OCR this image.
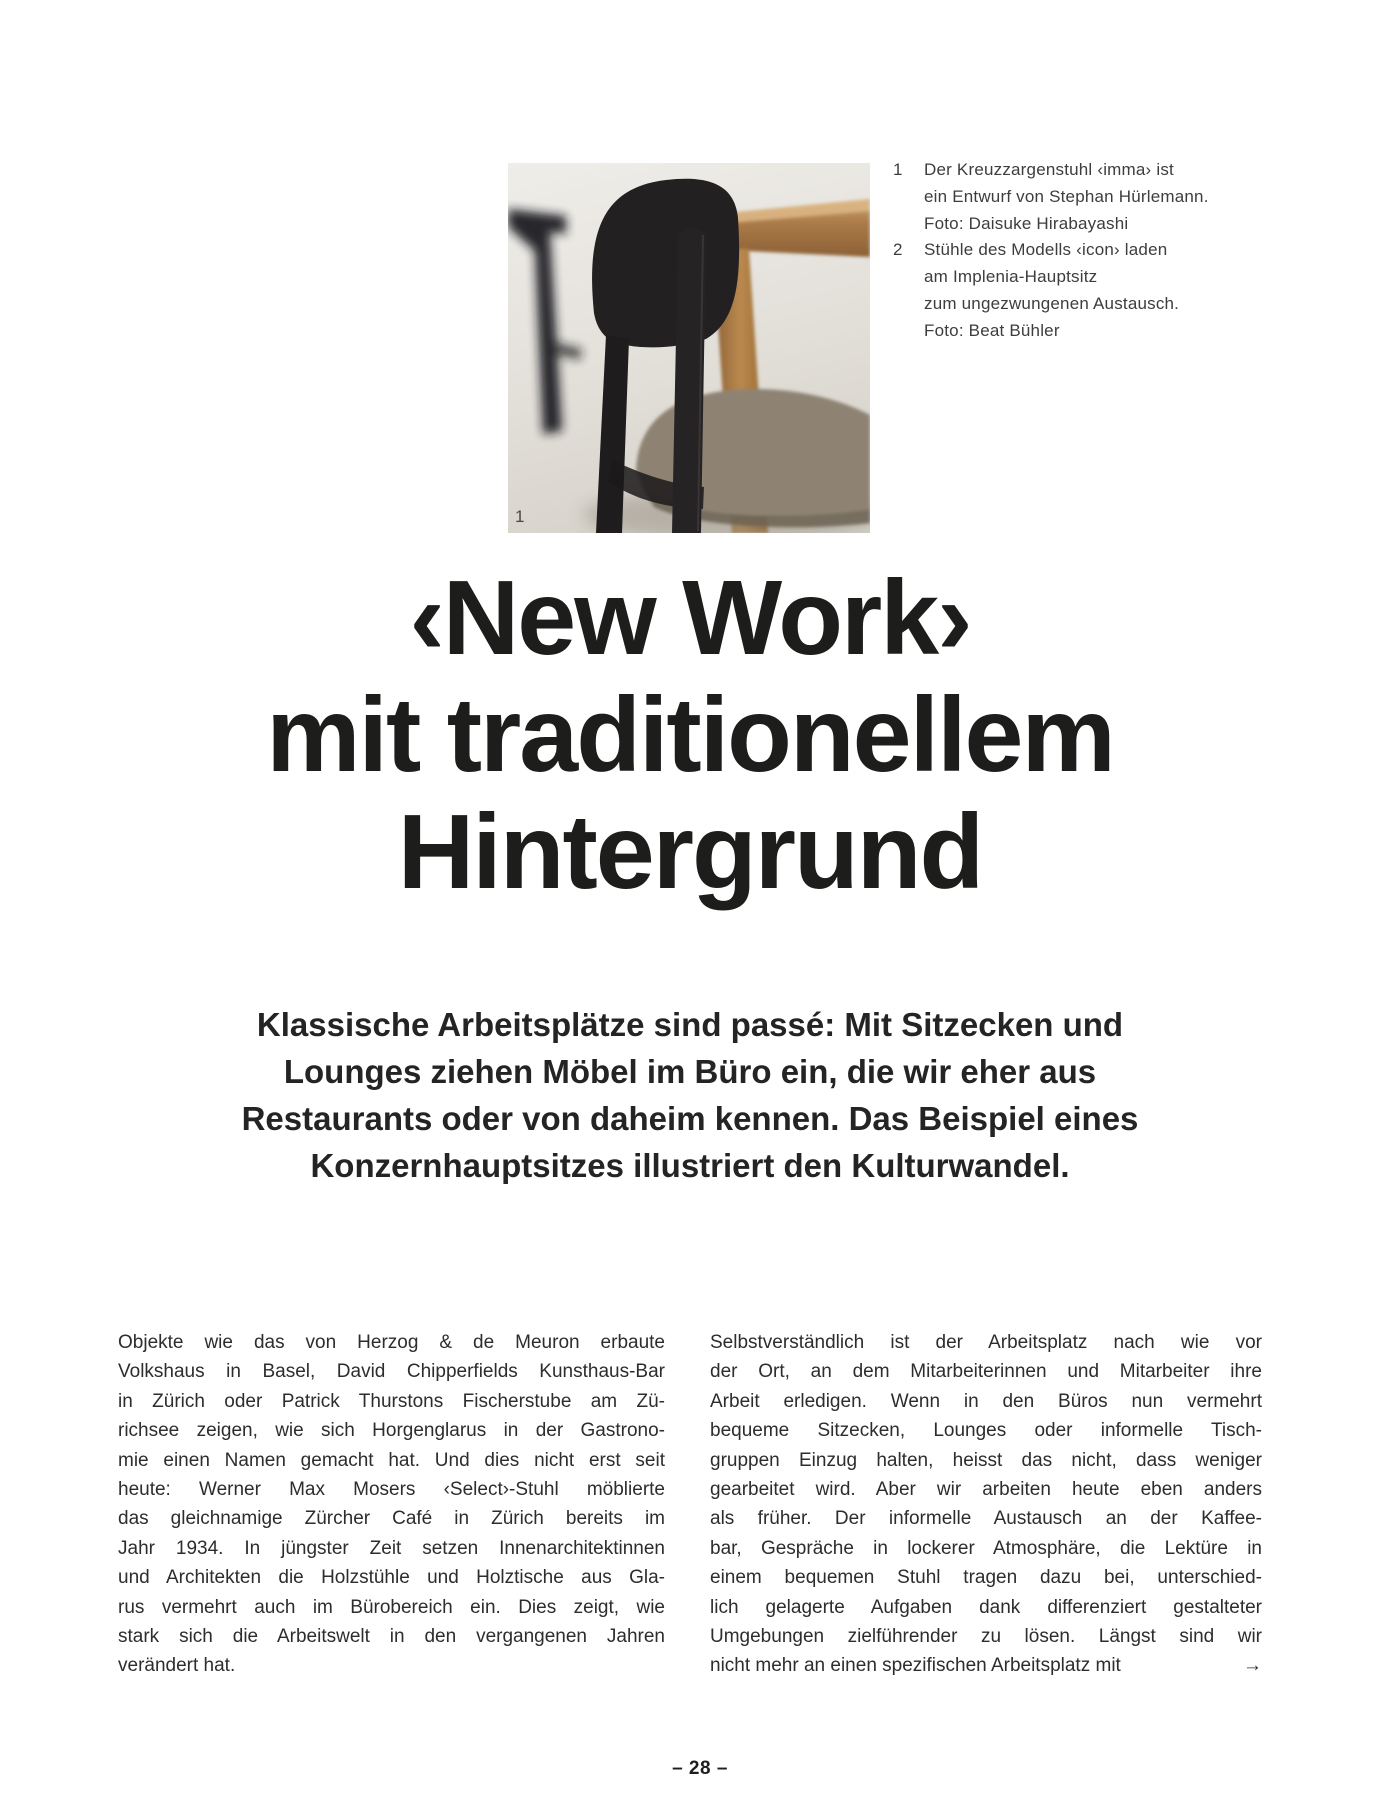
1
1	Der Kreuzzargenstuhl ‹imma› ist
ein Entwurf von Stephan Hürlemann.
Foto: Daisuke Hirabayashi
2	Stühle des Modells ‹icon› laden
am Implenia-Hauptsitz
zum ungezwungenen Austausch.
Foto: Beat Bühler
‹New Work›
mit traditionellem
Hintergrund
Klassische Arbeitsplätze sind passé: Mit Sitzecken und
Lounges ziehen Möbel im Büro ein, die wir eher aus
Restaurants oder von daheim kennen. Das Beispiel eines
Konzernhauptsitzes illustriert den Kulturwandel.
Objekte wie das von Herzog & de Meuron erbaute
Volkshaus in Basel, David Chipperfields Kunsthaus-Bar
in Zürich oder Patrick Thurstons Fischerstube am Zü-
richsee zeigen, wie sich Horgenglarus in der Gastrono-
mie einen Namen gemacht hat. Und dies nicht erst seit
heute: Werner Max Mosers ‹Select›-Stuhl möblierte
das gleichnamige Zürcher Café in Zürich bereits im
Jahr 1934. In jüngster Zeit setzen Innenarchitektinnen
und Architekten die Holzstühle und Holztische aus Gla-
rus vermehrt auch im Bürobereich ein. Dies zeigt, wie
stark sich die Arbeitswelt in den vergangenen Jahren
verändert hat.
Selbstverständlich ist der Arbeitsplatz nach wie vor
der Ort, an dem Mitarbeiterinnen und Mitarbeiter ihre
Arbeit erledigen. Wenn in den Büros nun vermehrt
bequeme Sitzecken, Lounges oder informelle Tisch-
gruppen Einzug halten, heisst das nicht, dass weniger
gearbeitet wird. Aber wir arbeiten heute eben anders
als früher. Der informelle Austausch an der Kaffee-
bar, Gespräche in lockerer Atmosphäre, die Lektüre in
einem bequemen Stuhl tragen dazu bei, unterschied-
lich gelagerte Aufgaben dank differenziert gestalteter
Umgebungen zielführender zu lösen. Längst sind wir
nicht mehr an einen spezifischen Arbeitsplatz mit	→
– 28 –
